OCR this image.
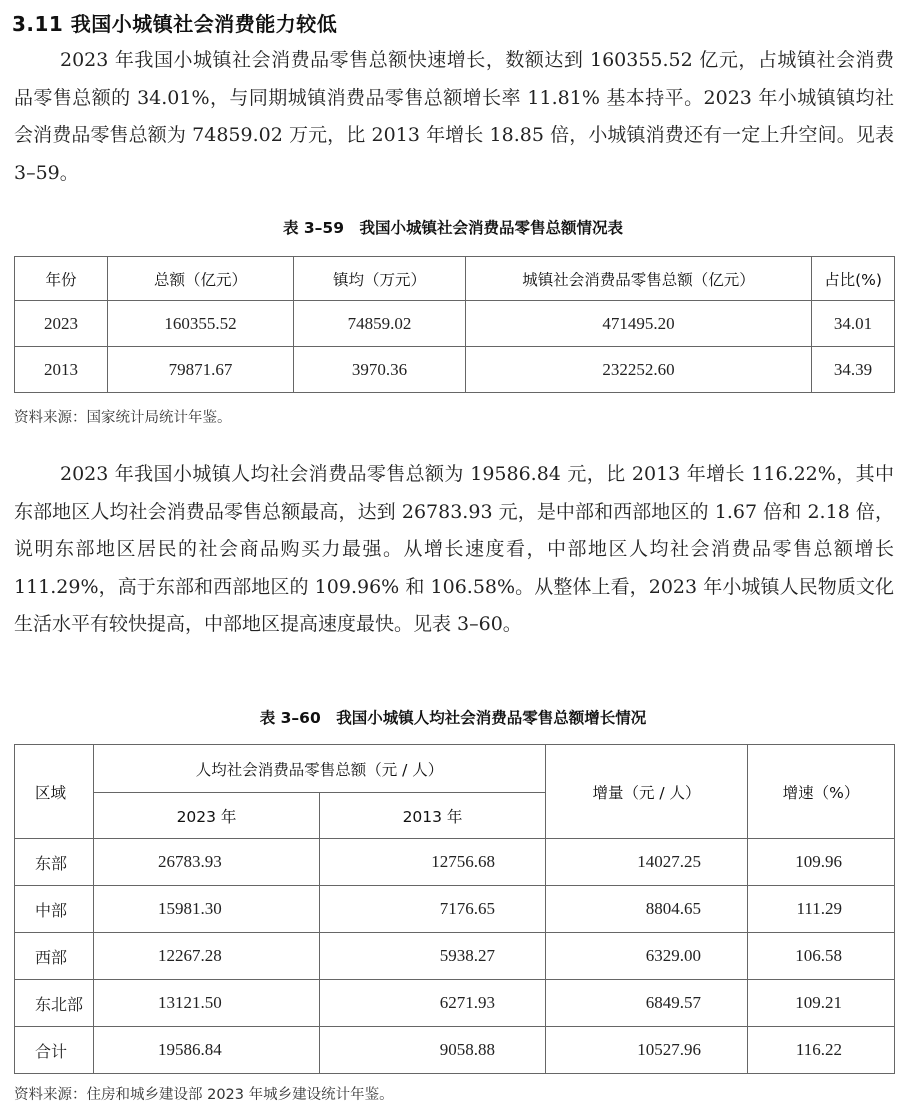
3.11 我国小城镇社会消费能力较低

2023 年我国小城镇社会消费品零售总额快速增长，数额达到 160355.52 亿元，占城镇社会消费品零售总额的 34.01%，与同期城镇消费品零售总额增长率 11.81% 基本持平。2023 年小城镇镇均社会消费品零售总额为 74859.02 万元，比 2013 年增长 18.85 倍，小城镇消费还有一定上升空间。见表 3–59。

表 3–59　我国小城镇社会消费品零售总额情况表
年份	总额（亿元）	镇均（万元）	城镇社会消费品零售总额（亿元）	占比(%)
2023	160355.52	74859.02	471495.20	34.01
2013	79871.67	3970.36	232252.60	34.39
资料来源：国家统计局统计年鉴。

2023 年我国小城镇人均社会消费品零售总额为 19586.84 元，比 2013 年增长 116.22%，其中东部地区人均社会消费品零售总额最高，达到 26783.93 元，是中部和西部地区的 1.67 倍和 2.18 倍，说明东部地区居民的社会商品购买力最强。从增长速度看，中部地区人均社会消费品零售总额增长 111.29%，高于东部和西部地区的 109.96% 和 106.58%。从整体上看，2023 年小城镇人民物质文化生活水平有较快提高，中部地区提高速度最快。见表 3–60。

表 3–60　我国小城镇人均社会消费品零售总额增长情况
区域	人均社会消费品零售总额（元 / 人）		增量（元 / 人）	增速（%）
	2023 年	2013 年		
东部	26783.93	12756.68	14027.25	109.96
中部	15981.30	7176.65	8804.65	111.29
西部	12267.28	5938.27	6329.00	106.58
东北部	13121.50	6271.93	6849.57	109.21
合计	19586.84	9058.88	10527.96	116.22
资料来源：住房和城乡建设部 2023 年城乡建设统计年鉴。
